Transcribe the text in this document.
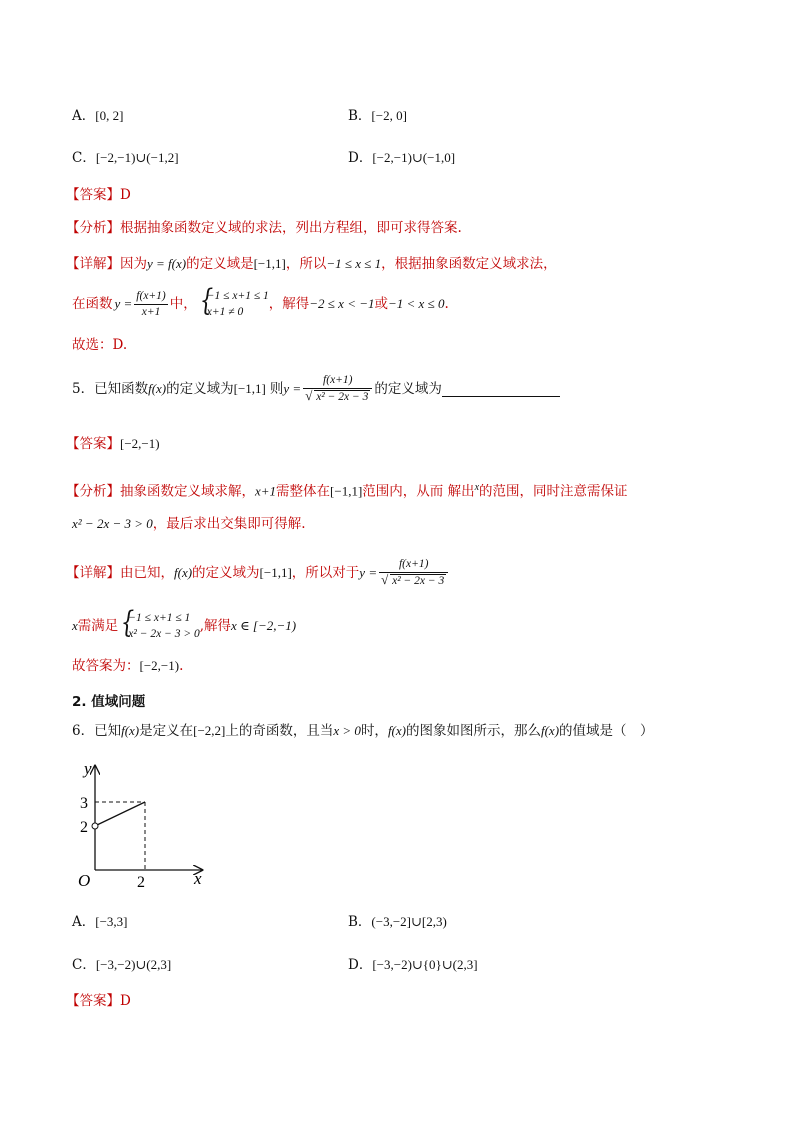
A．[0, 2]	B．[−2, 0]
C．[−2,−1)∪(−1,2]	D．[−2,−1)∪(−1,0]
【答案】D
【分析】根据抽象函数定义域的求法，列出方程组，即可求得答案.
【详解】因为y = f(x)的定义域是[−1,1]，所以−1 ≤ x ≤ 1，根据抽象函数定义域求法，
在函数 $y = \frac{f(x+1)}{x+1}$ 中， {
−1 ≤ x+1 ≤ 1
x+1 ≠ 0	，解得 −2 ≤ x < −1 或 −1 < x ≤ 0 .
故选：D.
5．已知函数 f(x) 的定义域为 [−1,1] 则 $y = \frac{f(x+1)}{\text{√ x² − 2x − 3}}$ 的定义域为
【答案】[−2,−1)
【分析】抽象函数定义域求解，x+1需整体在[−1,1]范围内，从而 解出$^x$的范围，同时注意需保证
x² − 2x − 3 > 0，最后求出交集即可得解.
【详解】 由已知， f(x) 的定义域为 [−1,1] ，所以对于 $y = \frac{f(x+1)}{\text{√ x² − 2x − 3}}$
x 需满足 {
−1 ≤ x+1 ≤ 1
x² − 2x − 3 > 0 ,解得 x ∈ [−2,−1)
故答案为：[−2,−1).
2. 值域问题
6．已知f(x)是定义在[−2,2]上的奇函数，且当x > 0时，f(x)的图象如图所示，那么f(x)的值域是（　）
y
x
O
3
2
2
A．[−3,3]	B．(−3,−2]∪[2,3)
C．[−3,−2)∪(2,3]	D．[−3,−2)∪{0}∪(2,3]
【答案】D
